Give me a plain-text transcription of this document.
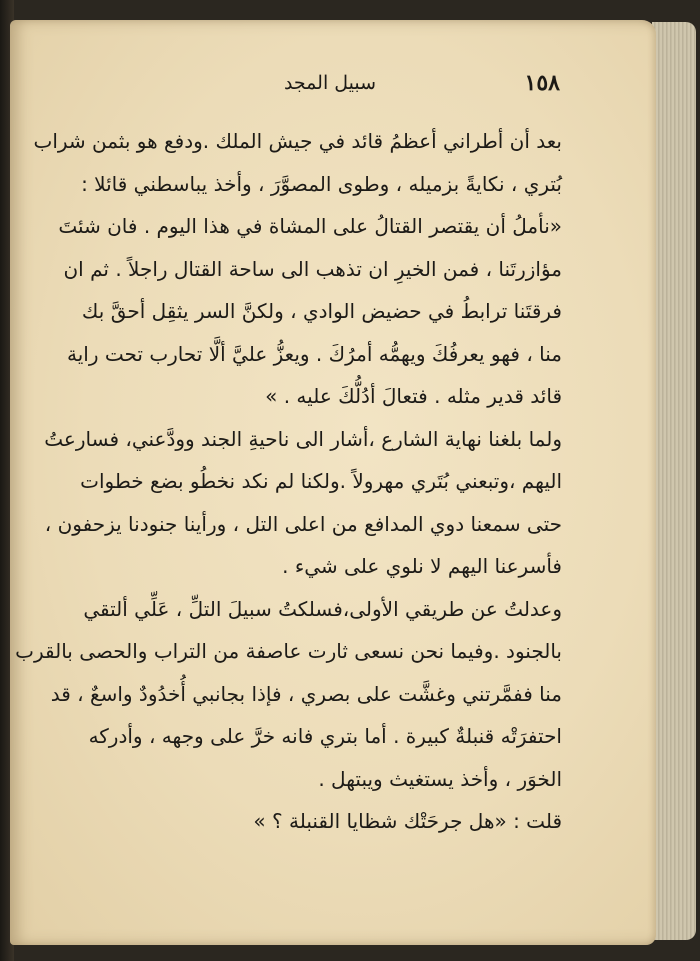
١٥٨
سبيل المجد
بعد أن أطراني أعظمُ قائد في جيش الملك .ودفع هو بثمن شراب
بُتري ، نكايةً بزميله ، وطوى المصوَّرَ ، وأخذ يباسطني قائلا :
«نأملُ أن يقتصر القتالُ على المشاة في هذا اليوم . فان شئتَ
مؤازرتَنا ، فمن الخيرِ ان تذهب الى ساحة القتال راجلاً . ثم ان
فرقتَنا ترابطُ في حضيض الوادي ، ولكنَّ السر يثقِل أحقَّ بك
منا ، فهو يعرفُكَ ويهمُّه أمرُكَ . ويعزُّ عليَّ ألَّا تحارب تحت راية
قائد قدير مثله . فتعالَ أدُلُّكَ عليه . »
ولما بلغنا نهاية الشارع ،أشار الى ناحيةِ الجند وودَّعني، فسارعتُ
اليهم ،وتبعني بُتَري مهرولاً .ولكنا لم نكد نخطُو بضع خطوات
حتى سمعنا دوي المدافع من اعلى التل ، ورأينا جنودنا يزحفون ،
فأسرعنا اليهم لا نلوي على شيء .
وعدلتُ عن طريقي الأولى،فسلكتُ سبيلَ التلِّ ، عَلِّي ألتقي
بالجنود .وفيما نحن نسعى ثارت عاصفة من التراب والحصى بالقرب
منا ففمَّرتني وغشَّت على بصري ، فإذا بجانبي أُخدُودٌ واسعٌ ، قد
احتفرَتْه قنبلةٌ كبيرة . أما بتري فانه خرَّ على وجهه ، وأدركه
الخوَر ، وأخذ يستغيث ويبتهل .
قلت : «هل جرحَتْك شظايا القنبلة ؟ »
